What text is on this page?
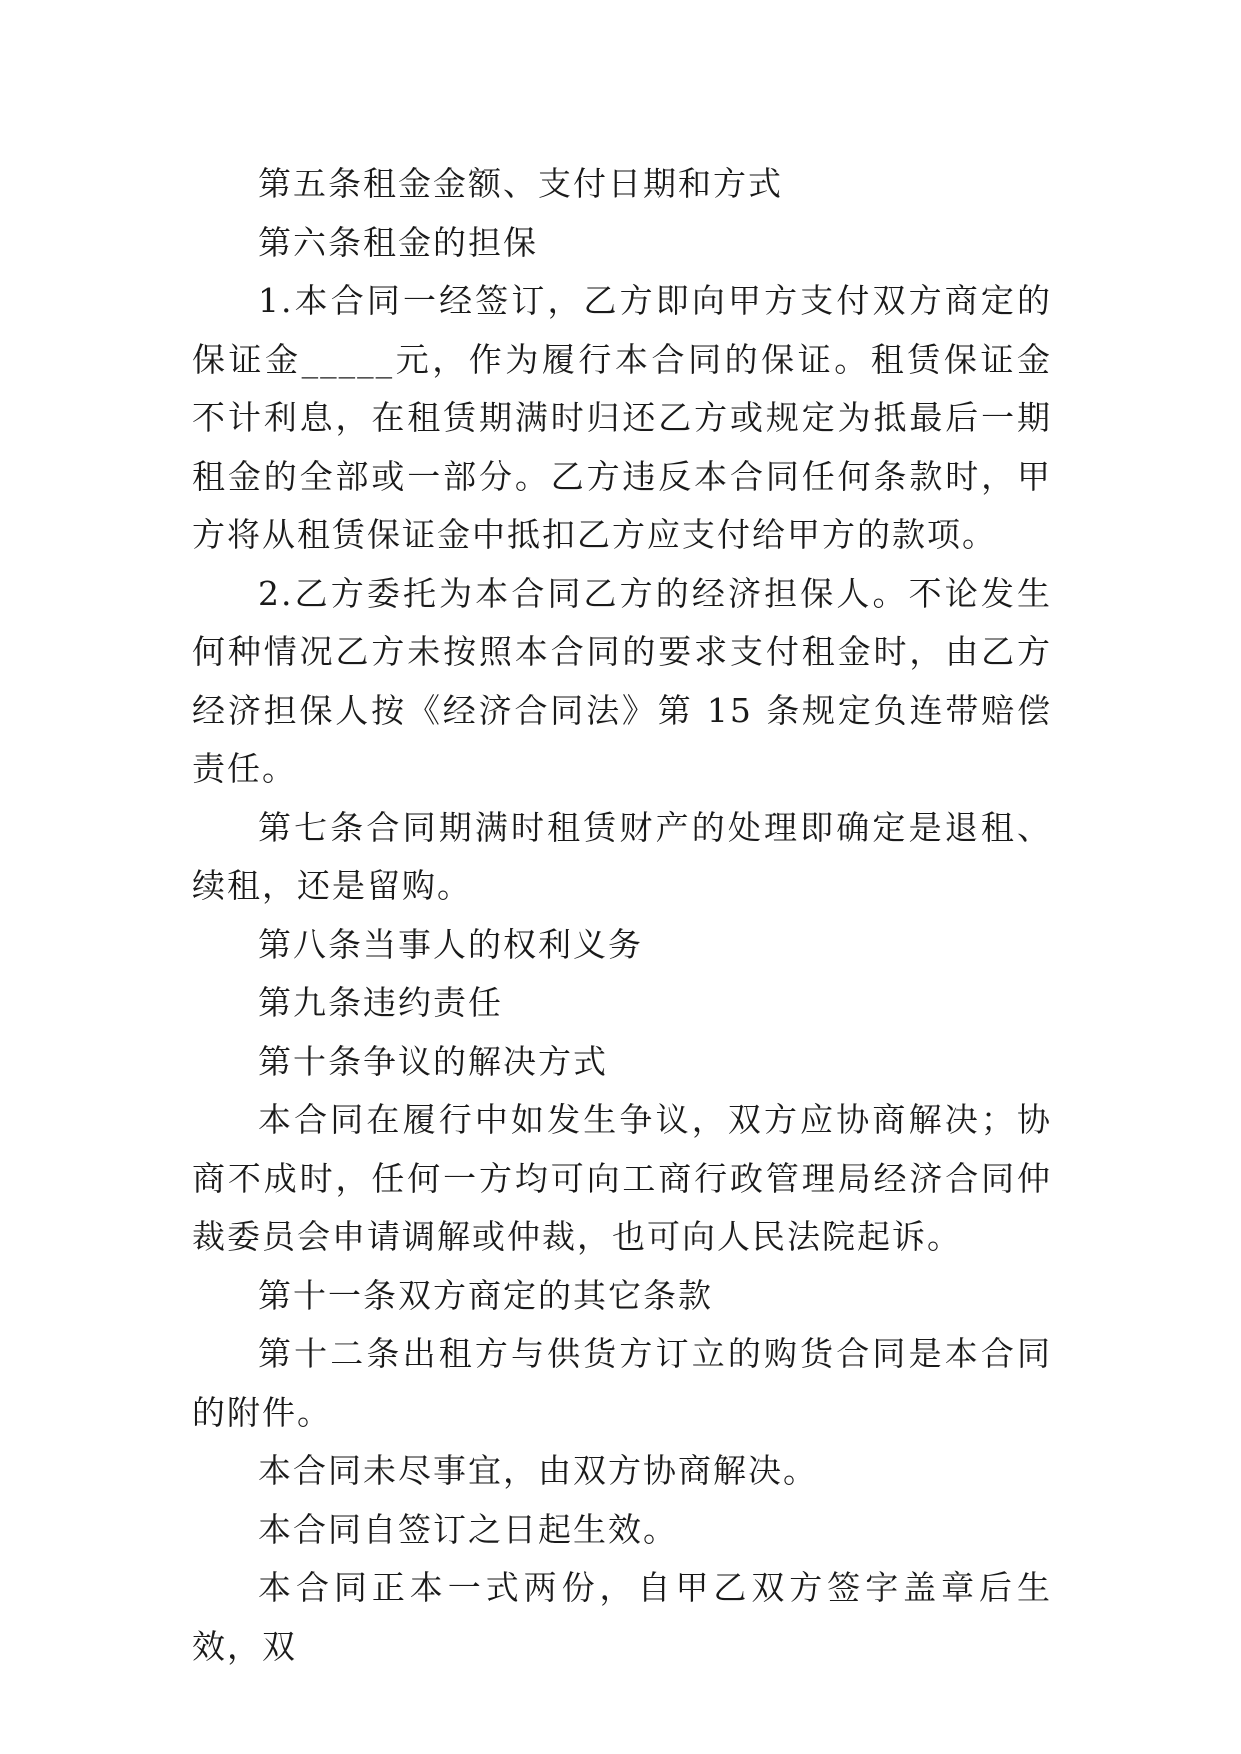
第五条租金金额、支付日期和方式

第六条租金的担保

1.本合同一经签订，乙方即向甲方支付双方商定的保证金_____元，作为履行本合同的保证。租赁保证金不计利息，在租赁期满时归还乙方或规定为抵最后一期租金的全部或一部分。乙方违反本合同任何条款时，甲方将从租赁保证金中抵扣乙方应支付给甲方的款项。

2.乙方委托为本合同乙方的经济担保人。不论发生何种情况乙方未按照本合同的要求支付租金时，由乙方经济担保人按《经济合同法》第 15 条规定负连带赔偿责任。

第七条合同期满时租赁财产的处理即确定是退租、续租，还是留购。

第八条当事人的权利义务

第九条违约责任

第十条争议的解决方式

本合同在履行中如发生争议，双方应协商解决；协商不成时，任何一方均可向工商行政管理局经济合同仲裁委员会申请调解或仲裁，也可向人民法院起诉。

第十一条双方商定的其它条款

第十二条出租方与供货方订立的购货合同是本合同的附件。

本合同未尽事宜，由双方协商解决。

本合同自签订之日起生效。

本合同正本一式两份，自甲乙双方签字盖章后生效，双
